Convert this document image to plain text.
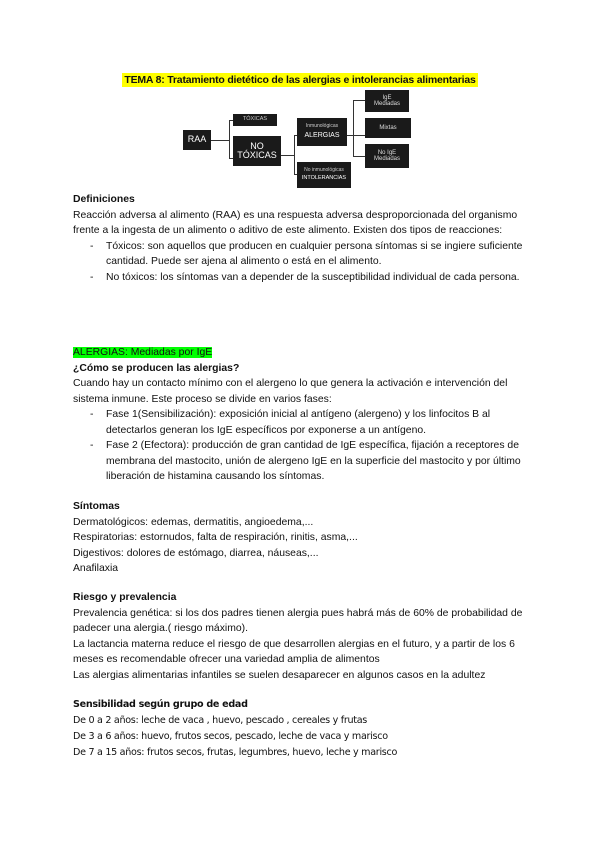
TEMA 8: Tratamiento dietético de las alergias e intolerancias alimentarias
RAA
TÓXICAS
NO TÓXICAS
Inmunológicas
ALERGIAS
No inmunológicas
INTOLERANCIAS
IgE Mediadas
Mixtas
No IgE Mediadas
Definiciones
Reacción adversa al alimento (RAA) es una respuesta adversa desproporcionada del organismo frente a la ingesta de un alimento o aditivo de este alimento. Existen dos tipos de reacciones:
- Tóxicos: son aquellos que producen en cualquier persona síntomas si se ingiere suficiente cantidad. Puede ser ajena al alimento o está en el alimento.
- No tóxicos: los síntomas van a depender de la susceptibilidad individual de cada persona.
ALERGIAS: Mediadas por IgE
¿Cómo se producen las alergias?
Cuando hay un contacto mínimo con el alergeno lo que genera la activación e intervención del sistema inmune. Este proceso se divide en varios fases:
- Fase 1(Sensibilización): exposición inicial al antígeno (alergeno) y los linfocitos B al detectarlos generan los IgE específicos por exponerse a un antígeno.
- Fase 2 (Efectora): producción de gran cantidad de IgE específica, fijación a receptores de membrana del mastocito, unión de alergeno IgE en la superficie del mastocito y por último liberación de histamina causando los síntomas.
Síntomas
Dermatológicos: edemas, dermatitis, angioedema,...
Respiratorias: estornudos, falta de respiración, rinitis, asma,...
Digestivos: dolores de estómago, diarrea, náuseas,...
Anafilaxia
Riesgo y prevalencia
Prevalencia genética: si los dos padres tienen alergia pues habrá más de 60% de probabilidad de padecer una alergia.( riesgo máximo).
La lactancia materna reduce el riesgo de que desarrollen alergias en el futuro, y a partir de los 6 meses es recomendable ofrecer una variedad amplia de alimentos
Las alergias alimentarias infantiles se suelen desaparecer en algunos casos en la adultez
Sensibilidad según grupo de edad
De 0 a 2 años: leche de vaca , huevo, pescado , cereales y frutas
De 3 a 6 años: huevo, frutos secos, pescado, leche de vaca y marisco
De 7 a 15 años: frutos secos, frutas, legumbres, huevo, leche y marisco
